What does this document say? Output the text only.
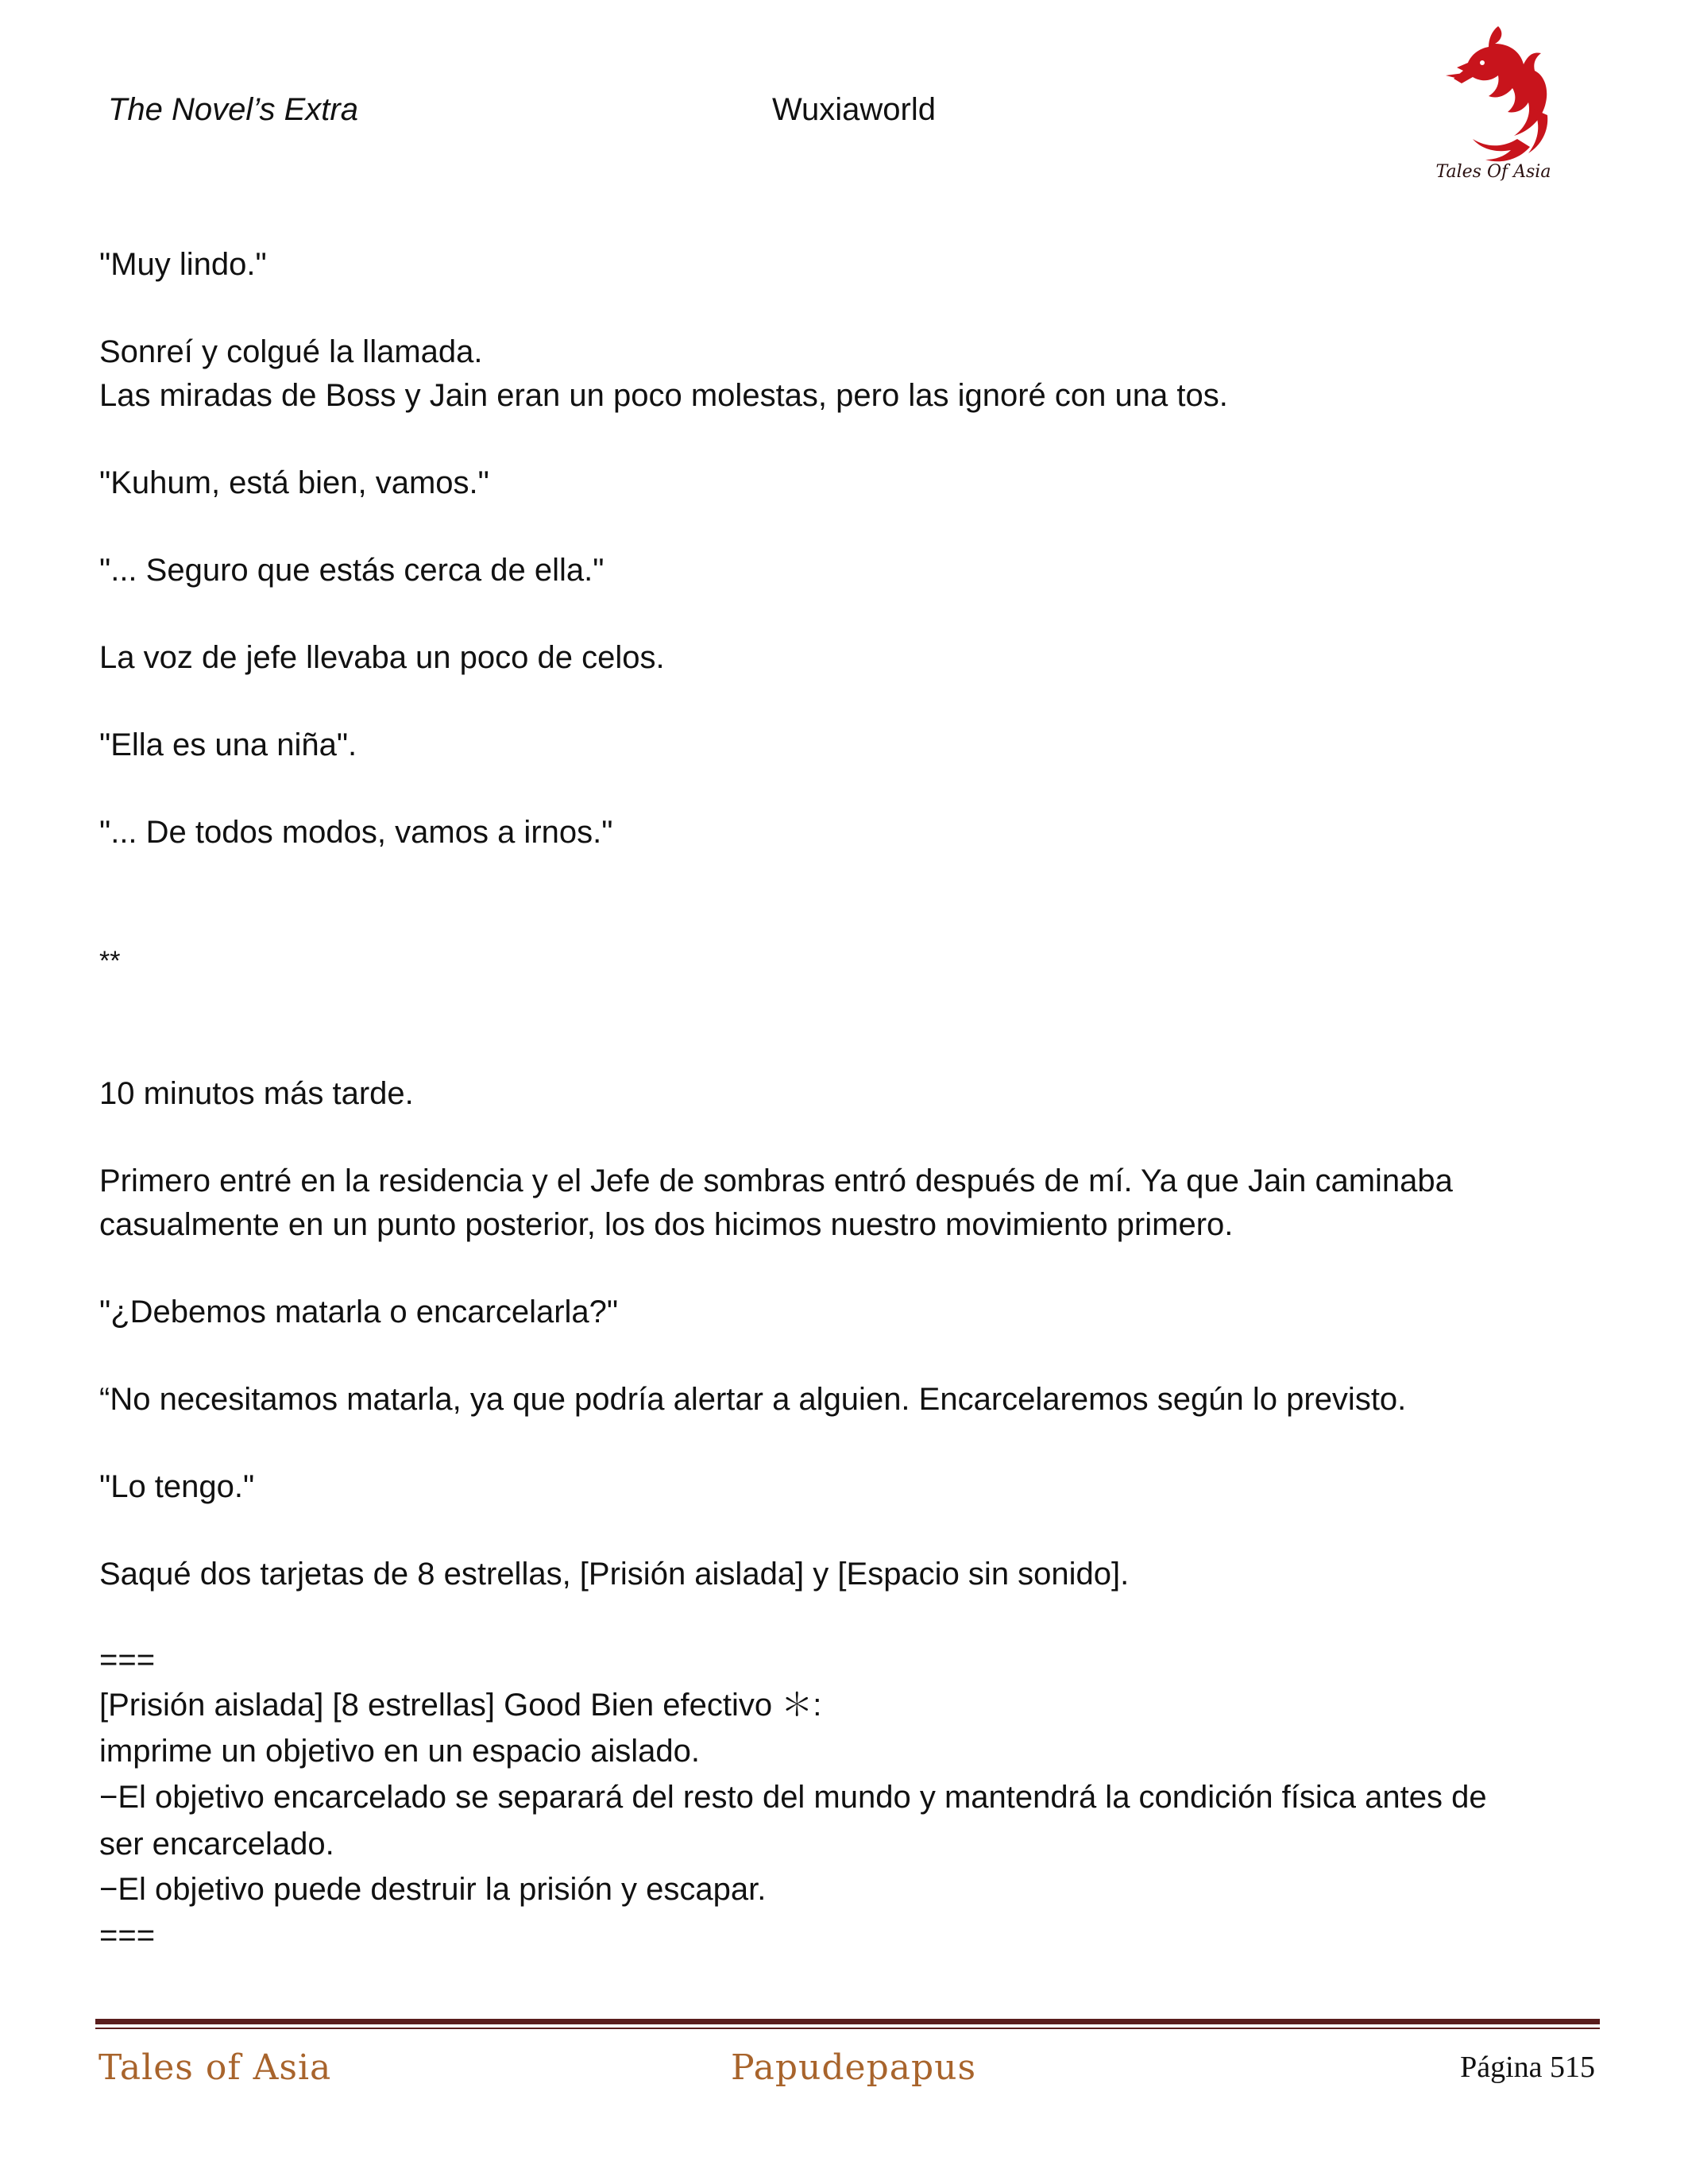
The Novel’s Extra	Wuxiaworld
Tales Of Asia
"Muy lindo."
Sonreí y colgué la llamada.
Las miradas de Boss y Jain eran un poco molestas, pero las ignoré con una tos.
"Kuhum, está bien, vamos."
"... Seguro que estás cerca de ella."
La voz de jefe llevaba un poco de celos.
"Ella es una niña".
"... De todos modos, vamos a irnos."
**
10 minutos más tarde.
Primero entré en la residencia y el Jefe de sombras entró después de mí. Ya que Jain caminaba
casualmente en un punto posterior, los dos hicimos nuestro movimiento primero.
"¿Debemos matarla o encarcelarla?"
“No necesitamos matarla, ya que podría alertar a alguien. Encarcelaremos según lo previsto.
"Lo tengo."
Saqué dos tarjetas de 8 estrellas, [Prisión aislada] y [Espacio sin sonido].
===
[Prisión aislada] [8 estrellas] Good Bien efectivo ＊:
imprime un objetivo en un espacio aislado.
−El objetivo encarcelado se separará del resto del mundo y mantendrá la condición física antes de
ser encarcelado.
−El objetivo puede destruir la prisión y escapar.
===
Tales of Asia	Papudepapus	Página 515
